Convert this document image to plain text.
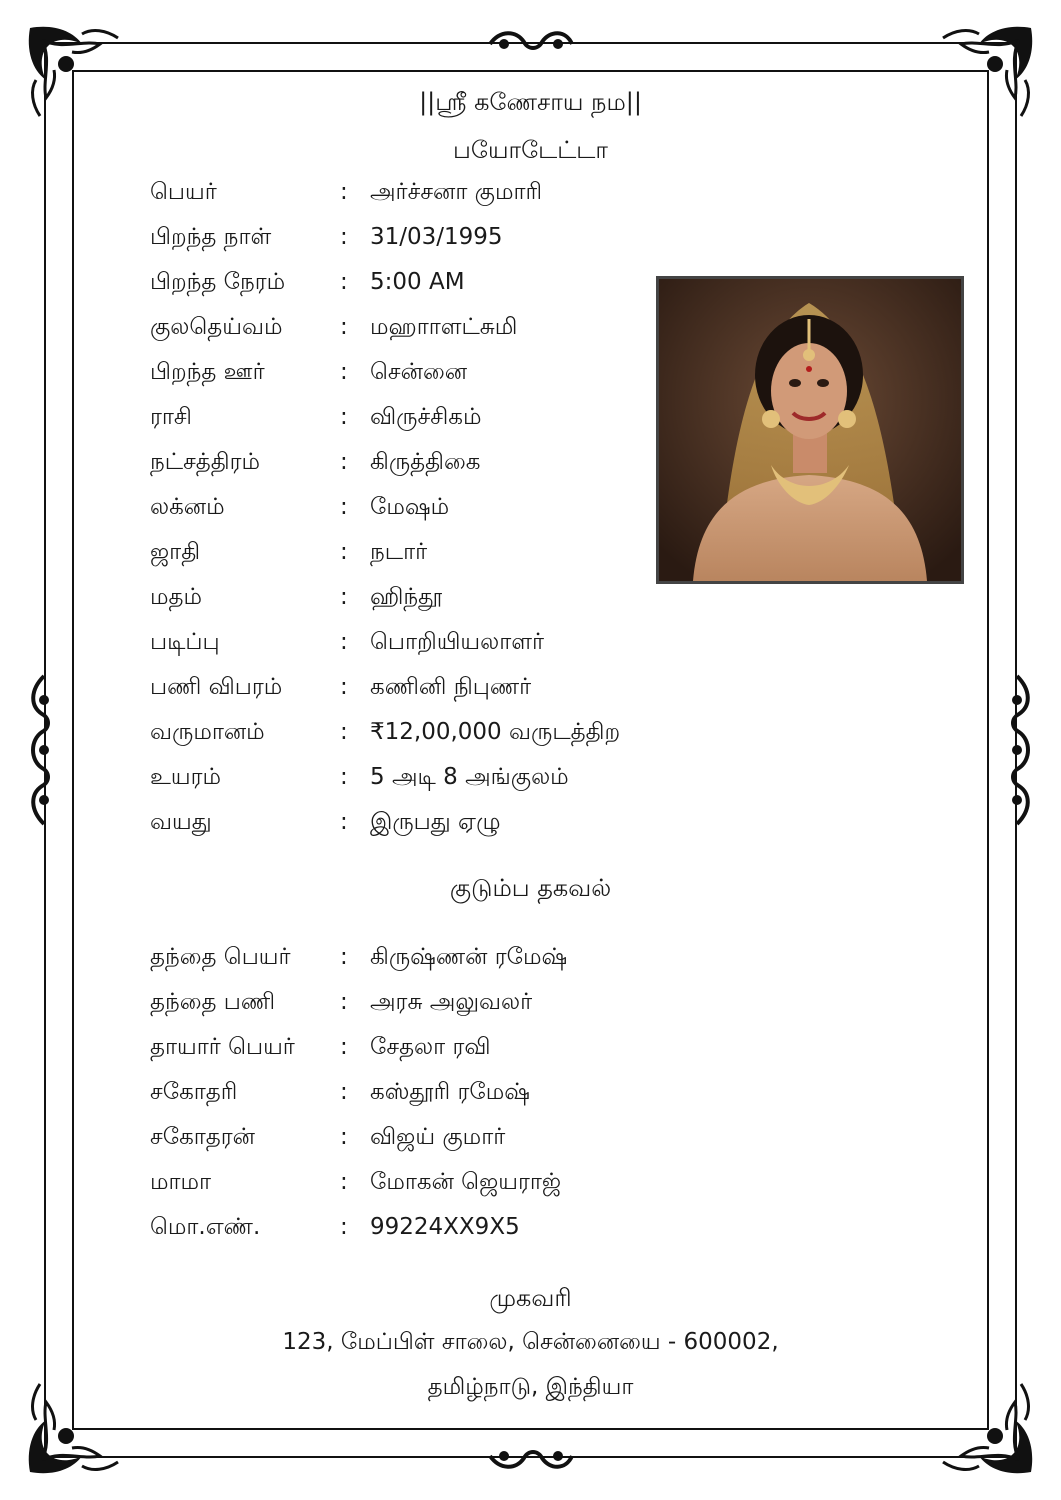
||ஸ்ரீ கணேசாய நம||
பயோடேட்டா
பெயர்	: அர்ச்சனா குமாரி
பிறந்த நாள்	: 31/03/1995
பிறந்த நேரம்	: 5:00 AM
குலதெய்வம்	: மஹாாளட்சுமி
பிறந்த ஊர்	: சென்னை
ராசி	: விருச்சிகம்
நட்சத்திரம்	: கிருத்திகை
லக்னம்	: மேஷம்
ஜாதி	: நடார்
மதம்	: ஹிந்தூ
படிப்பு	: பொறியியலாளர்
பணி விபரம்	: கணினி நிபுணர்
வருமானம்	: ₹12,00,000 வருடத்திற
உயரம்	: 5 அடி 8 அங்குலம்
வயது	: இருபது ஏழு
குடும்ப தகவல்
தந்தை பெயர்	: கிருஷ்ணன் ரமேஷ்
தந்தை பணி	: அரசு அலுவலர்
தாயார் பெயர்	: சேதலா ரவி
சகோதரி	: கஸ்தூரி ரமேஷ்
சகோதரன்	: விஜய் குமார்
மாமா	: மோகன் ஜெயராஜ்
மொ.எண்.	: 99224XX9X5
முகவரி
123, மேப்பிள் சாலை, சென்னையை - 600002,
தமிழ்நாடு, இந்தியா
